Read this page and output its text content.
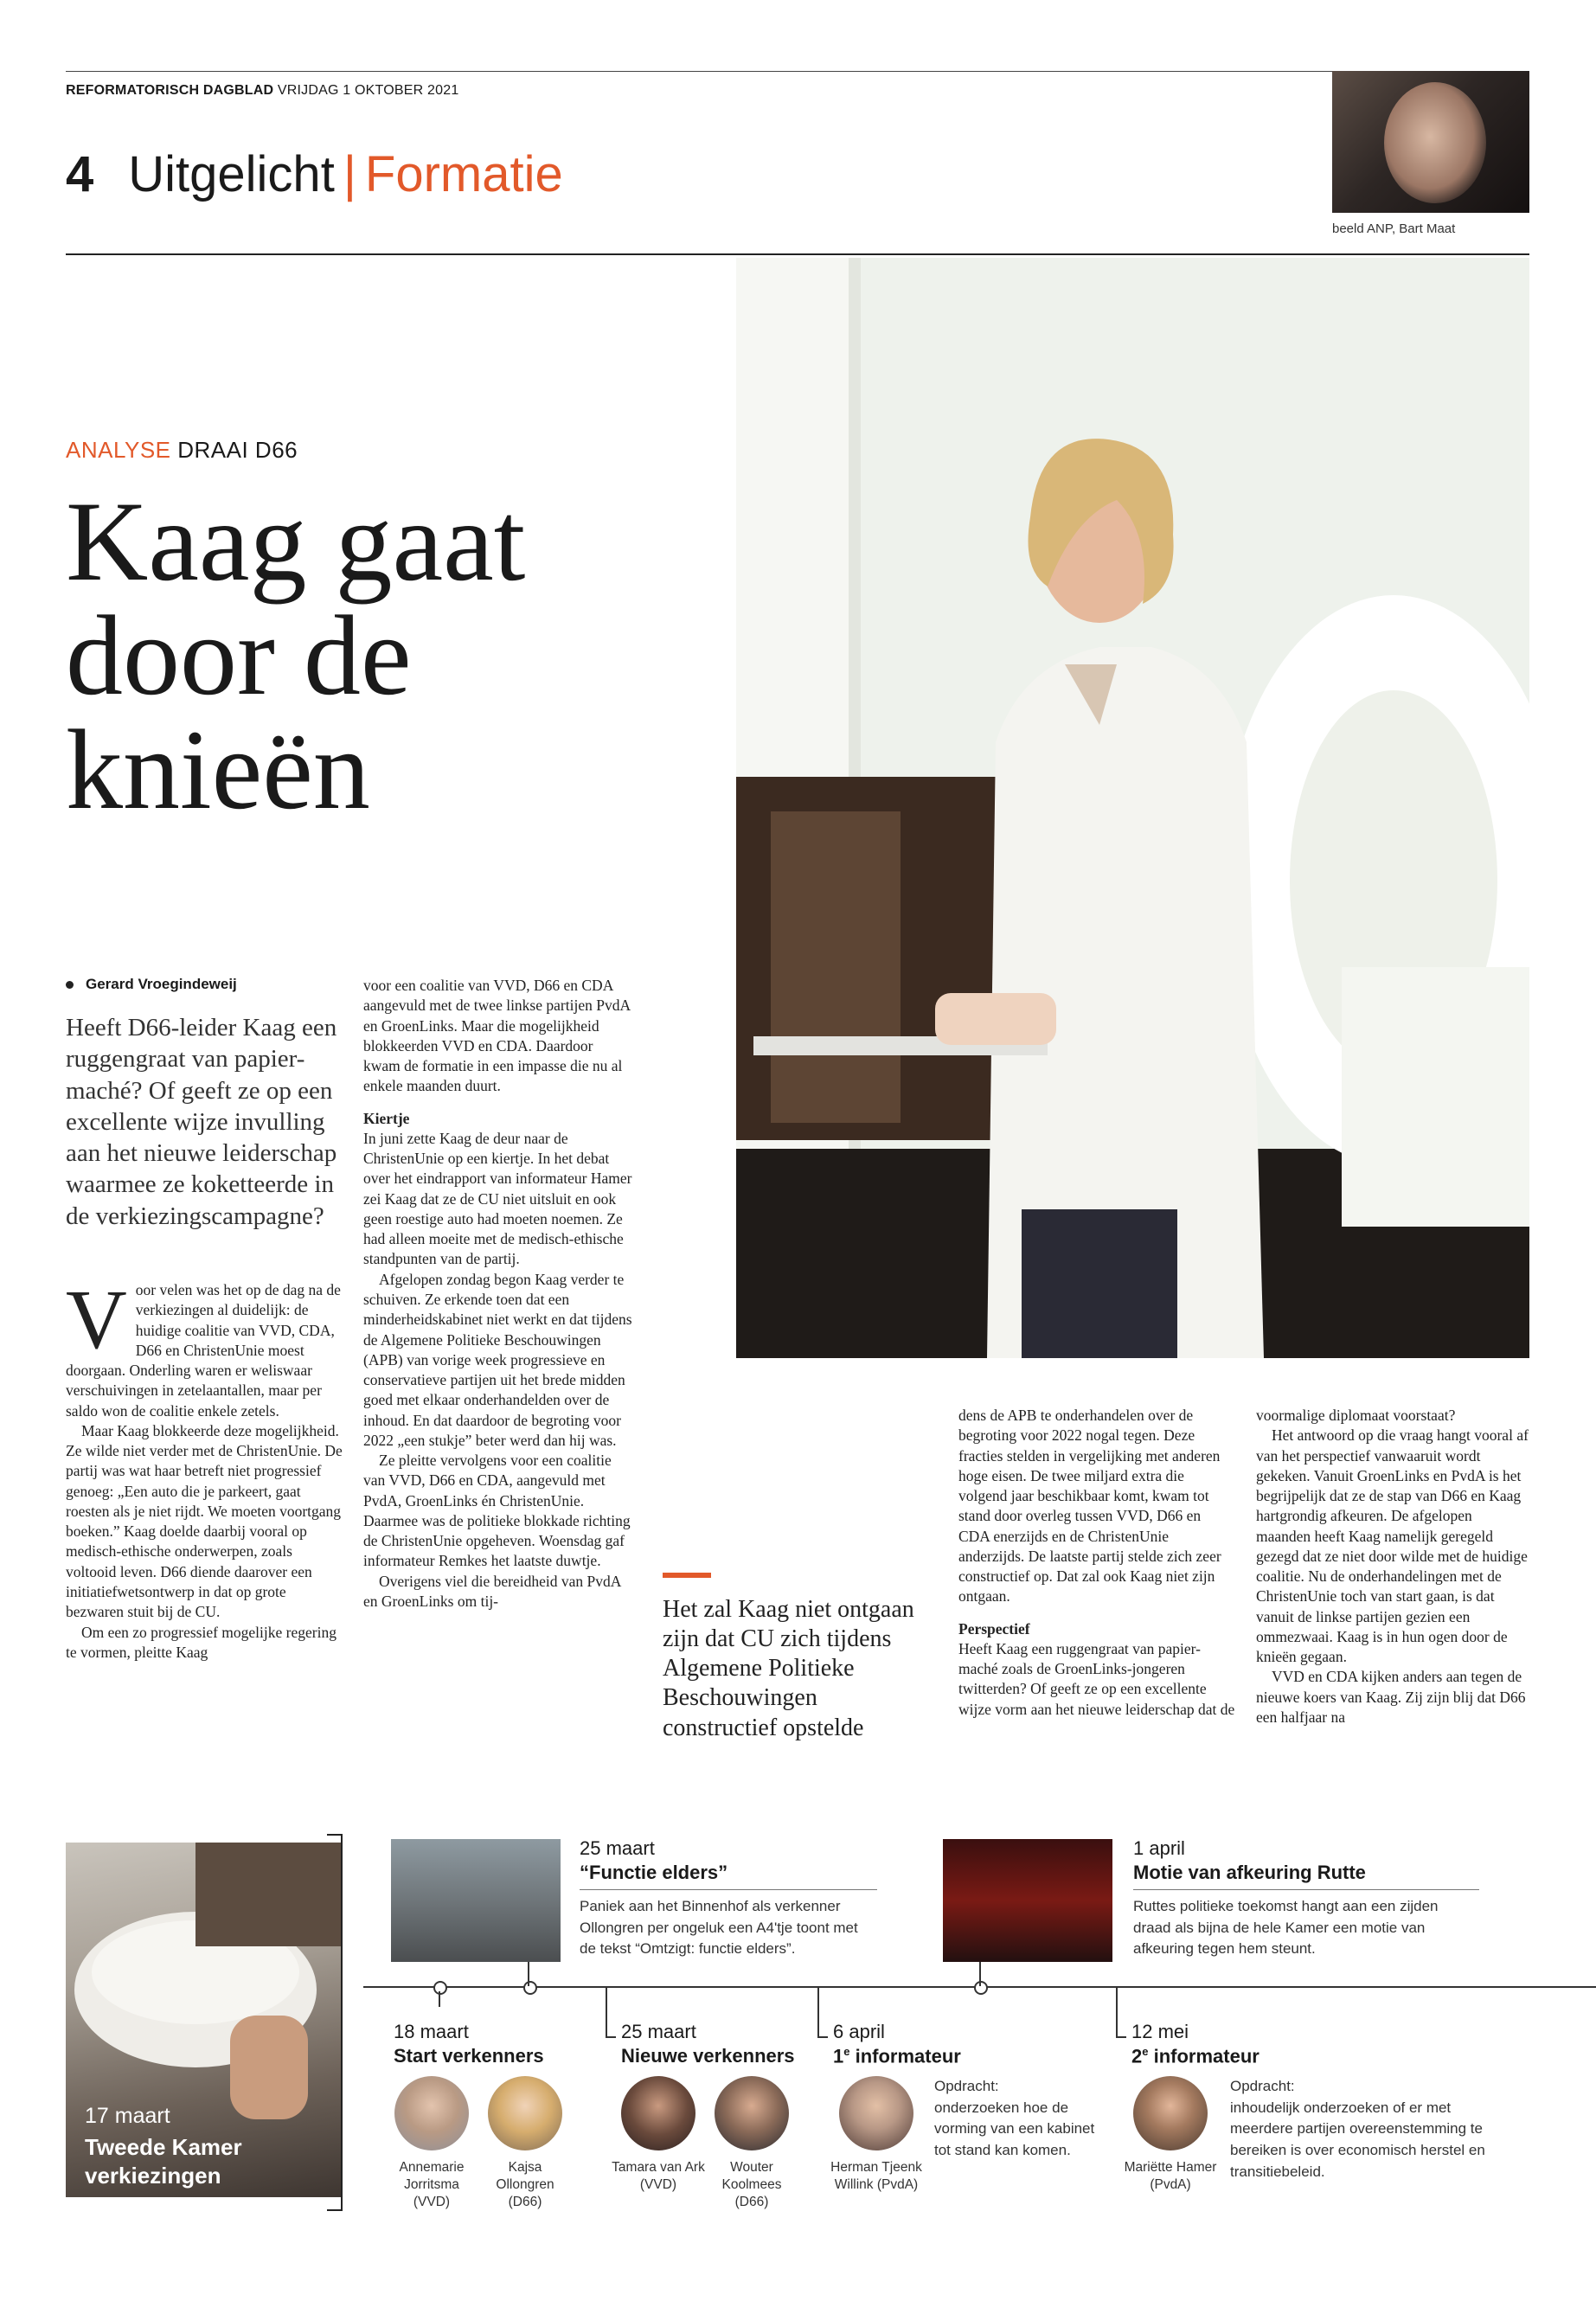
REFORMATORISCH DAGBLAD VRIJDAG 1 OKTOBER 2021
4 Uitgelicht | Formatie
beeld ANP, Bart Maat
ANALYSE DRAAI D66
Kaag gaat
door de
knieën
Gerard Vroegindeweij
Heeft D66-leider Kaag een ruggengraat van papier-maché? Of geeft ze op een excellente wijze invulling aan het nieuwe leiderschap waarmee ze koketteerde in de verkiezingscampagne?

Voor velen was het op de dag na de verkiezingen al duidelijk: de huidige coalitie van VVD, CDA, D66 en ChristenUnie moest doorgaan. Onderling waren er weliswaar verschuivingen in zetelaantallen, maar per saldo won de coalitie enkele zetels.

Maar Kaag blokkeerde deze mogelijkheid. Ze wilde niet verder met de ChristenUnie. De partij was wat haar betreft niet progressief genoeg: „Een auto die je parkeert, gaat roesten als je niet rijdt. We moeten voortgang boeken.” Kaag doelde daarbij vooral op medisch-ethische onderwerpen, zoals voltooid leven. D66 diende daarover een initiatiefwetsontwerp in dat op grote bezwaren stuit bij de CU.

Om een zo progressief mogelijke regering te vormen, pleitte Kaag

voor een coalitie van VVD, D66 en CDA aangevuld met de twee linkse partijen PvdA en GroenLinks. Maar die mogelijkheid blokkeerden VVD en CDA. Daardoor kwam de formatie in een impasse die nu al enkele maanden duurt.

Kiertje

In juni zette Kaag de deur naar de ChristenUnie op een kiertje. In het debat over het eindrapport van informateur Hamer zei Kaag dat ze de CU niet uitsluit en ook geen roestige auto had moeten noemen. Ze had alleen moeite met de medisch-ethische standpunten van de partij.

Afgelopen zondag begon Kaag verder te schuiven. Ze erkende toen dat een minderheidskabinet niet werkt en dat tijdens de Algemene Politieke Beschouwingen (APB) van vorige week progressieve en conservatieve partijen uit het brede midden goed met elkaar onderhandelden over de inhoud. En dat daardoor de begroting voor 2022 „een stukje” beter werd dan hij was.

Ze pleitte vervolgens voor een coalitie van VVD, D66 en CDA, aangevuld met PvdA, GroenLinks én ChristenUnie. Daarmee was de politieke blokkade richting de ChristenUnie opgeheven. Woensdag gaf informateur Remkes het laatste duwtje.

Overigens viel die bereidheid van PvdA en GroenLinks om tij-	Het zal Kaag niet ontgaan zijn dat CU zich tijdens Algemene Politieke Beschouwingen constructief opstelde

dens de APB te onderhandelen over de begroting voor 2022 nogal tegen. Deze fracties stelden in vergelijking met anderen hoge eisen. De twee miljard extra die volgend jaar beschikbaar komt, kwam tot stand door overleg tussen VVD, D66 en CDA enerzijds en de ChristenUnie anderzijds. De laatste partij stelde zich zeer constructief op. Dat zal ook Kaag niet zijn ontgaan.

Perspectief

Heeft Kaag een ruggengraat van papier-maché zoals de GroenLinks-jongeren twitterden? Of geeft ze op een excellente wijze vorm aan het nieuwe leiderschap dat de

voormalige diplomaat voorstaat?

Het antwoord op die vraag hangt vooral af van het perspectief vanwaaruit wordt gekeken. Vanuit GroenLinks en PvdA is het begrijpelijk dat ze de stap van D66 en Kaag hartgrondig afkeuren. De afgelopen maanden heeft Kaag namelijk geregeld gezegd dat ze niet door wilde met de huidige coalitie. Nu de onderhandelingen met de ChristenUnie toch van start gaan, is dat vanuit de linkse partijen gezien een ommezwaai. Kaag is in hun ogen door de knieën gegaan.

VVD en CDA kijken anders aan tegen de nieuwe koers van Kaag. Zij zijn blij dat D66 een halfjaar na

17 maart
Tweede Kamer verkiezingen
25 maart
“Functie elders”
Paniek aan het Binnenhof als verkenner Ollongren per ongeluk een A4'tje toont met de tekst “Omtzigt: functie elders”.
1 april
Motie van afkeuring Rutte
Ruttes politieke toekomst hangt aan een zijden draad als bijna de hele Kamer een motie van afkeuring tegen hem steunt.
18 maart
Start verkenners
Annemarie Jorritsma (VVD)
Kajsa Ollongren (D66)
25 maart
Nieuwe verkenners
Tamara van Ark (VVD)
Wouter Koolmees (D66)
6 april
1e informateur
Herman Tjeenk Willink (PvdA)
Opdracht:
onderzoeken hoe de vorming van een kabinet tot stand kan komen.
12 mei
2e informateur
Mariëtte Hamer (PvdA)
Opdracht:
inhoudelijk onderzoeken of er met meerdere partijen overeenstemming te bereiken is over economisch herstel en transitiebeleid.
